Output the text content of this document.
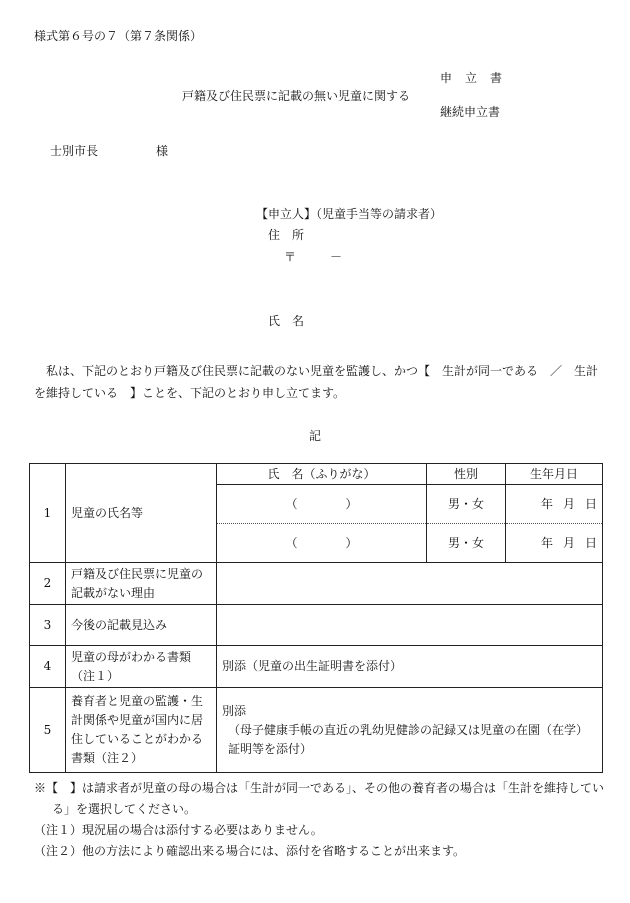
様式第６号の７（第７条関係）
戸籍及び住民票に記載の無い児童に関する
申　立　書
継続申立書
士別市長	様
【申立人】（児童手当等の請求者）
住　所
〒	－
氏　名
私は、下記のとおり戸籍及び住民票に記載のない児童を監護し、かつ【　生計が同一である　／　生計を維持している　】ことを、下記のとおり申し立てます。
記
1	児童の氏名等	氏　名（ふりがな）	性別	生年月日
		（ ）	男・女	年 月 日
		（ ）	男・女	年 月 日
2	戸籍及び住民票に児童の記載がない理由			
3	今後の記載見込み			
4	児童の母がわかる書類（注１）	別添（児童の出生証明書を添付）		
5	養育者と児童の監護・生計関係や児童が国内に居住していることがわかる書類（注２）	別添
（母子健康手帳の直近の乳幼児健診の記録又は児童の在園（在学）証明等を添付）		
※【　】は請求者が児童の母の場合は「生計が同一である」、その他の養育者の場合は「生計を維持している」を選択してください。
（注１）現況届の場合は添付する必要はありません。
（注２）他の方法により確認出来る場合には、添付を省略することが出来ます。
